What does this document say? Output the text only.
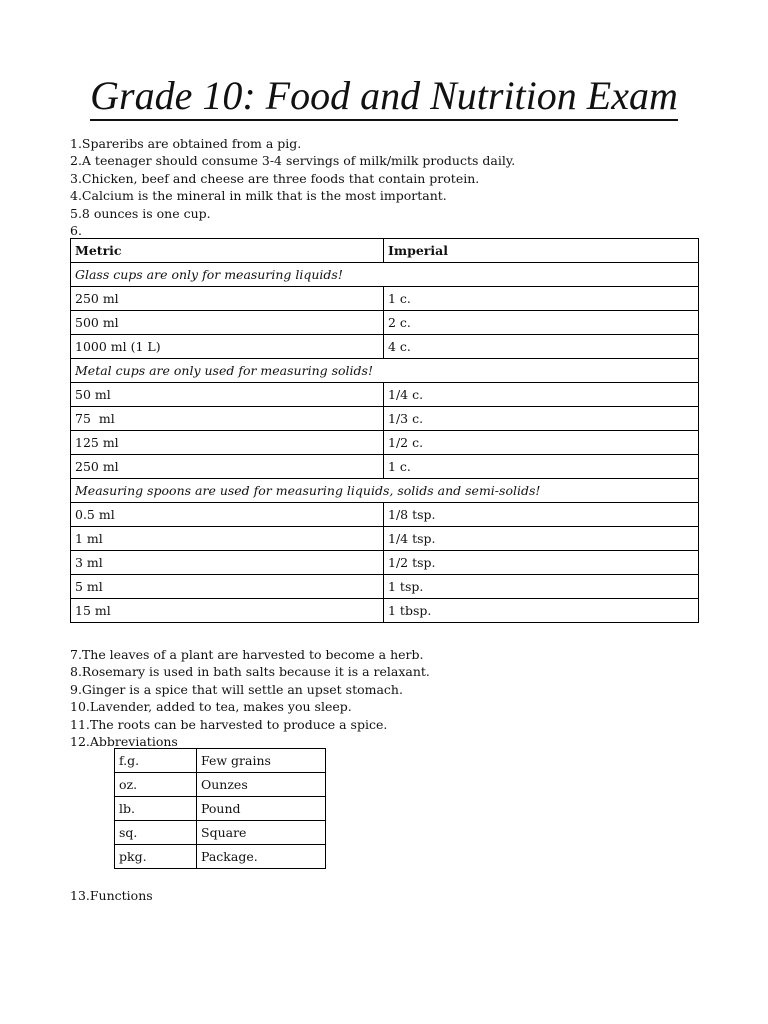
Grade 10: Food and Nutrition Exam
1.Spareribs are obtained from a pig.
2.A teenager should consume 3-4 servings of milk/milk products daily.
3.Chicken, beef and cheese are three foods that contain protein.
4.Calcium is the mineral in milk that is the most important.
5.8 ounces is one cup.
6.
Metric	Imperial
Glass cups are only for measuring liquids!	
250 ml	1 c.
500 ml	2 c.
1000 ml (1 L)	4 c.
Metal cups are only used for measuring solids!	
50 ml	1/4 c.
75  ml	1/3 c.
125 ml	1/2 c.
250 ml	1 c.
Measuring spoons are used for measuring liquids, solids and semi-solids!	
0.5 ml	1/8 tsp.
1 ml	1/4 tsp.
3 ml	1/2 tsp.
5 ml	1 tsp.
15 ml	1 tbsp.
7.The leaves of a plant are harvested to become a herb.
8.Rosemary is used in bath salts because it is a relaxant.
9.Ginger is a spice that will settle an upset stomach.
10.Lavender, added to tea, makes you sleep.
11.The roots can be harvested to produce a spice.
12.Abbreviations
f.g.	Few grains
oz.	Ounzes
lb.	Pound
sq.	Square
pkg.	Package.
13.Functions
